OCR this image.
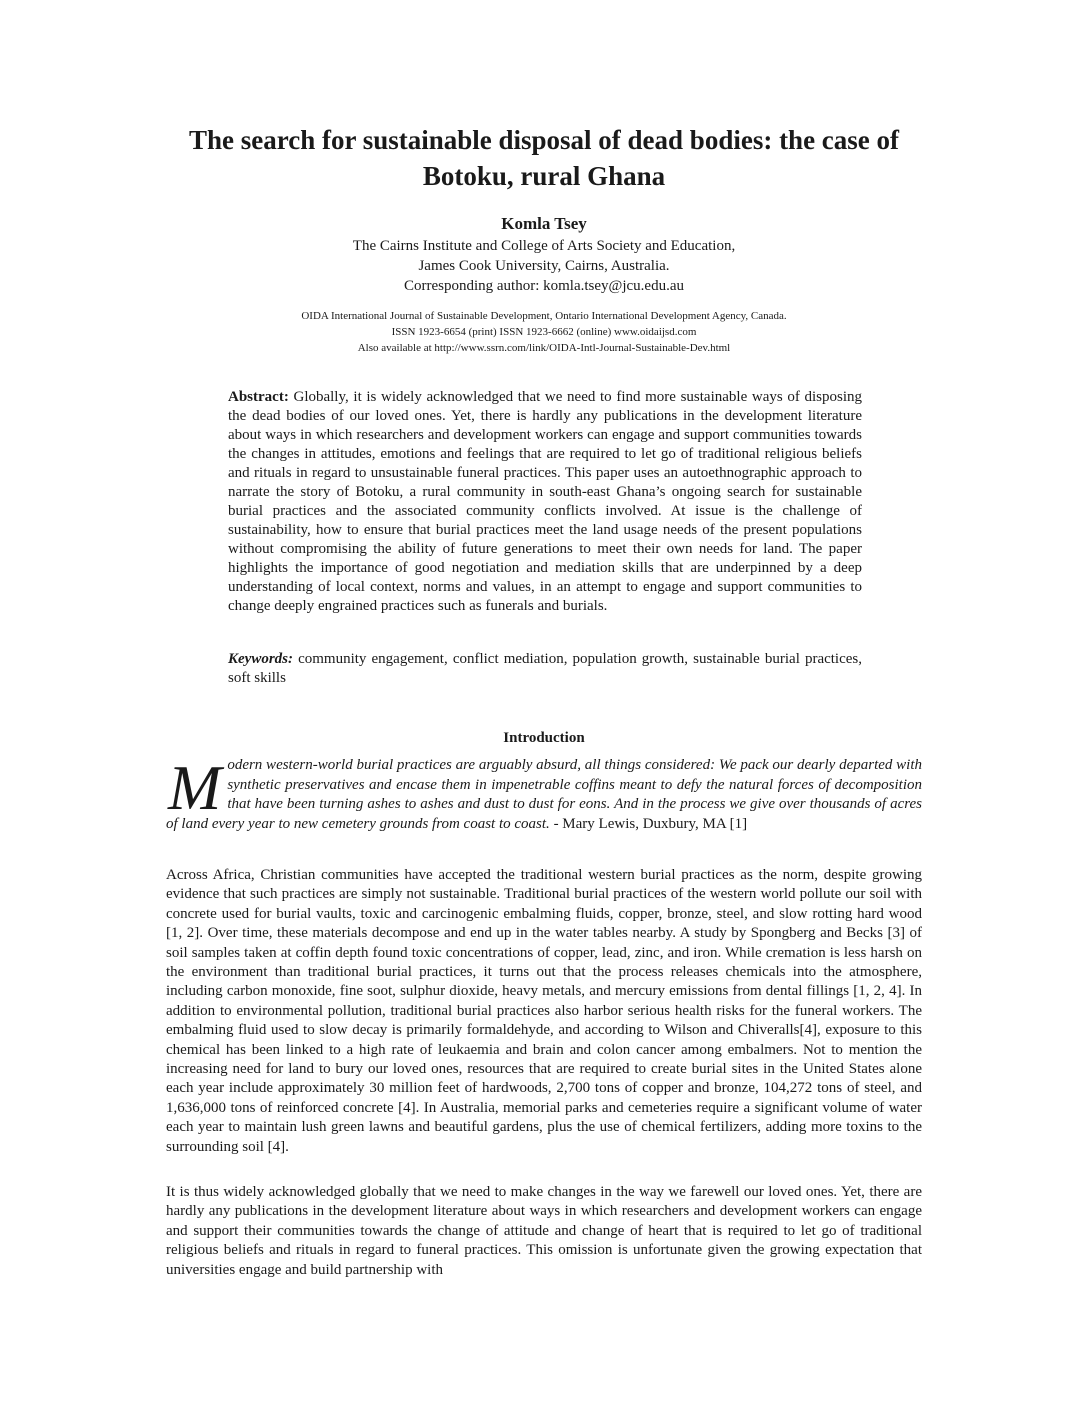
The search for sustainable disposal of dead bodies: the case of Botoku, rural Ghana
Komla Tsey
The Cairns Institute and College of Arts Society and Education,
James Cook University, Cairns, Australia.
Corresponding author: komla.tsey@jcu.edu.au
OIDA International Journal of Sustainable Development, Ontario International Development Agency, Canada.
ISSN 1923-6654 (print) ISSN 1923-6662 (online) www.oidaijsd.com
Also available at http://www.ssrn.com/link/OIDA-Intl-Journal-Sustainable-Dev.html

Abstract: Globally, it is widely acknowledged that we need to find more sustainable ways of disposing the dead bodies of our loved ones. Yet, there is hardly any publications in the development literature about ways in which researchers and development workers can engage and support communities towards the changes in attitudes, emotions and feelings that are required to let go of traditional religious beliefs and rituals in regard to unsustainable funeral practices. This paper uses an autoethnographic approach to narrate the story of Botoku, a rural community in south-east Ghana’s ongoing search for sustainable burial practices and the associated community conflicts involved. At issue is the challenge of sustainability, how to ensure that burial practices meet the land usage needs of the present populations without compromising the ability of future generations to meet their own needs for land. The paper highlights the importance of good negotiation and mediation skills that are underpinned by a deep understanding of local context, norms and values, in an attempt to engage and support communities to change deeply engrained practices such as funerals and burials.

Keywords: community engagement, conflict mediation, population growth, sustainable burial practices, soft skills

Introduction

Modern western-world burial practices are arguably absurd, all things considered: We pack our dearly departed with synthetic preservatives and encase them in impenetrable coffins meant to defy the natural forces of decomposition that have been turning ashes to ashes and dust to dust for eons. And in the process we give over thousands of acres of land every year to new cemetery grounds from coast to coast. - Mary Lewis, Duxbury, MA [1]

Across Africa, Christian communities have accepted the traditional western burial practices as the norm, despite growing evidence that such practices are simply not sustainable. Traditional burial practices of the western world pollute our soil with concrete used for burial vaults, toxic and carcinogenic embalming fluids, copper, bronze, steel, and slow rotting hard wood [1, 2]. Over time, these materials decompose and end up in the water tables nearby. A study by Spongberg and Becks [3] of soil samples taken at coffin depth found toxic concentrations of copper, lead, zinc, and iron. While cremation is less harsh on the environment than traditional burial practices, it turns out that the process releases chemicals into the atmosphere, including carbon monoxide, fine soot, sulphur dioxide, heavy metals, and mercury emissions from dental fillings [1, 2, 4]. In addition to environmental pollution, traditional burial practices also harbor serious health risks for the funeral workers. The embalming fluid used to slow decay is primarily formaldehyde, and according to Wilson and Chiveralls[4], exposure to this chemical has been linked to a high rate of leukaemia and brain and colon cancer among embalmers. Not to mention the increasing need for land to bury our loved ones, resources that are required to create burial sites in the United States alone each year include approximately 30 million feet of hardwoods, 2,700 tons of copper and bronze, 104,272 tons of steel, and 1,636,000 tons of reinforced concrete [4]. In Australia, memorial parks and cemeteries require a significant volume of water each year to maintain lush green lawns and beautiful gardens, plus the use of chemical fertilizers, adding more toxins to the surrounding soil [4].

It is thus widely acknowledged globally that we need to make changes in the way we farewell our loved ones. Yet, there are hardly any publications in the development literature about ways in which researchers and development workers can engage and support their communities towards the change of attitude and change of heart that is required to let go of traditional religious beliefs and rituals in regard to funeral practices. This omission is unfortunate given the growing expectation that universities engage and build partnership with
